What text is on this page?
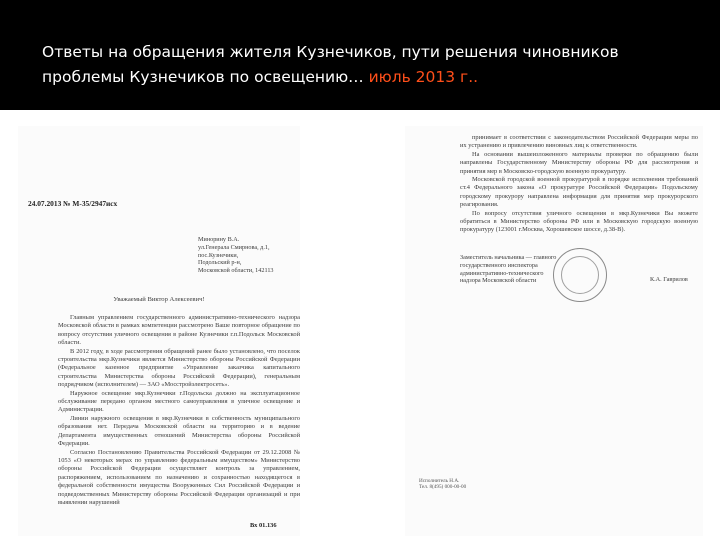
Ответы на обращения жителя Кузнечиков, пути решения чиновников
проблемы Кузнечиков по освещению… июль 2013 г..
24.07.2013 № М-35/2947исх
Минорину В.А.
ул.Генерала Смирнова, д.1,
пос.Кузнечики,
Подольский р-н,
Московской области, 142113
Уважаемый Виктор Алексеевич!

Главным управлением государственного административно-технического надзора Московской области в рамках компетенции рассмотрено Ваше повторное обращение по вопросу отсутствия уличного освещения в районе Кузнечики г.п.Подольск Московской области.

В 2012 году, в ходе рассмотрения обращений ранее было установлено, что поселок строительства мкр.Кузнечики является Министерство обороны Российской Федерации (Федеральное казенное предприятие «Управление заказчика капитального строительства Министерства обороны Российской Федерации), генеральным подрядчиком (исполнителем) — ЗАО «Мосстройэлектросеть».

Наружное освещение мкр.Кузнечики г.Подольска должно на эксплуатационное обслуживание передано органом местного самоуправления в уличное освещение и Администрации.

Линии наружного освещения в мкр.Кузнечики в собственность муниципального образования нет. Передача Московской области на территорию и в ведение Департамента имущественных отношений Министерства обороны Российской Федерации.

Согласно Постановлению Правительства Российской Федерации от 29.12.2008 № 1053 «О некоторых мерах по управлению федеральным имуществом» Министерство обороны Российской Федерации осуществляет контроль за управлением, распоряжением, использованием по назначению и сохранностью находящегося в федеральной собственности имущества Вооруженных Сил Российской Федерации и подведомственных Министерству обороны Российской Федерации организаций и при выявлении нарушений

Вх 01.136

принимает в соответствии с законодательством Российской Федерации меры по их устранению и привлечению виновных лиц к ответственности.

На основании вышеизложенного материалы проверки по обращению были направлены Государственному Министерству обороны РФ для рассмотрения и принятия мер в Московско-городскую военную прокуратуру.

Московской городской военной прокуратурой в порядке исполнения требований ст.4 Федерального закона «О прокуратуре Российской Федерации» Подольскому городскому прокурору направлена информация для принятия мер прокурорского реагирования.

По вопросу отсутствия уличного освещения в мкр.Кузнечики Вы можете обратиться в Министерство обороны РФ или в Московскую городскую военную прокуратуру (123001 г.Москва, Хорошевское шоссе, д.38-В).

Заместитель начальника — главного
государственного инспектора
административно-технического
надзора Московской области	К.А. Гаврилов
Исполнитель Н.А.
Тел. 8(495) 000-00-00
